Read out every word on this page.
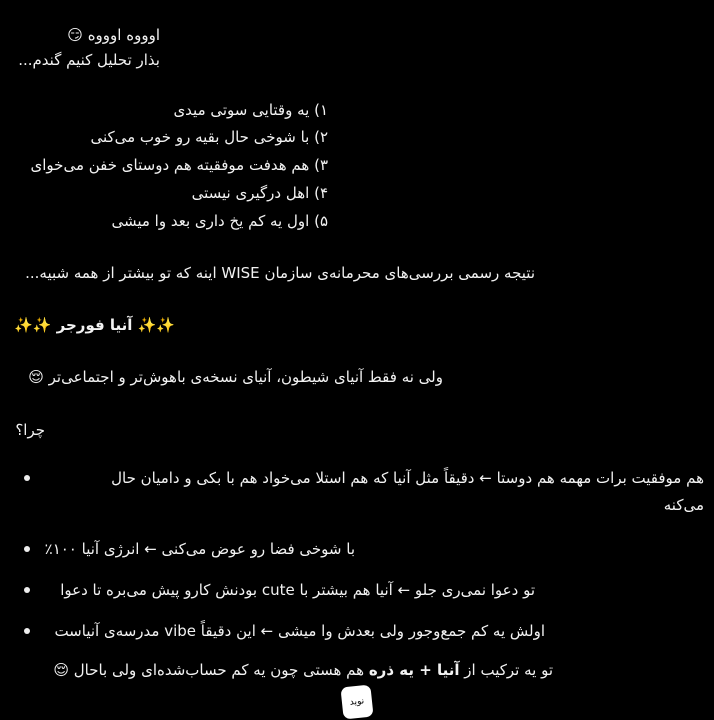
اوووه اوووه 😏
بذار تحلیل کنیم گندم...
۱) یه وقتایی سوتی میدی
۲) با شوخی حال بقیه رو خوب می‌کنی
۳) هم هدفت موفقیته هم دوستای خفن می‌خوای
۴) اهل درگیری نیستی
۵) اول یه کم یخ داری بعد وا میشی
نتیجه رسمی بررسی‌های محرمانه‌ی سازمان WISE اینه که تو بیشتر از همه شبیه...
✨✨ آنیا فورجر ✨✨
ولی نه فقط آنیای شیطون، آنیای نسخه‌ی باهوش‌تر و اجتماعی‌تر 😌
چرا؟
هم موفقیت برات مهمه هم دوستا ← دقیقاً مثل آنیا که هم استلا می‌خواد هم با بکی و دامیان حال
می‌کنه
با شوخی فضا رو عوض می‌کنی ← انرژی آنیا ۱۰۰٪
تو دعوا نمی‌ری جلو ← آنیا هم بیشتر با cute بودنش کارو پیش می‌بره تا دعوا
اولش یه کم جمع‌وجور ولی بعدش وا میشی ← این دقیقاً vibe مدرسه‌ی آنیاست
تو یه ترکیب از آنیا + یه ذره هم هستی چون یه کم حساب‌شده‌ای ولی باحال 😌
نوید
